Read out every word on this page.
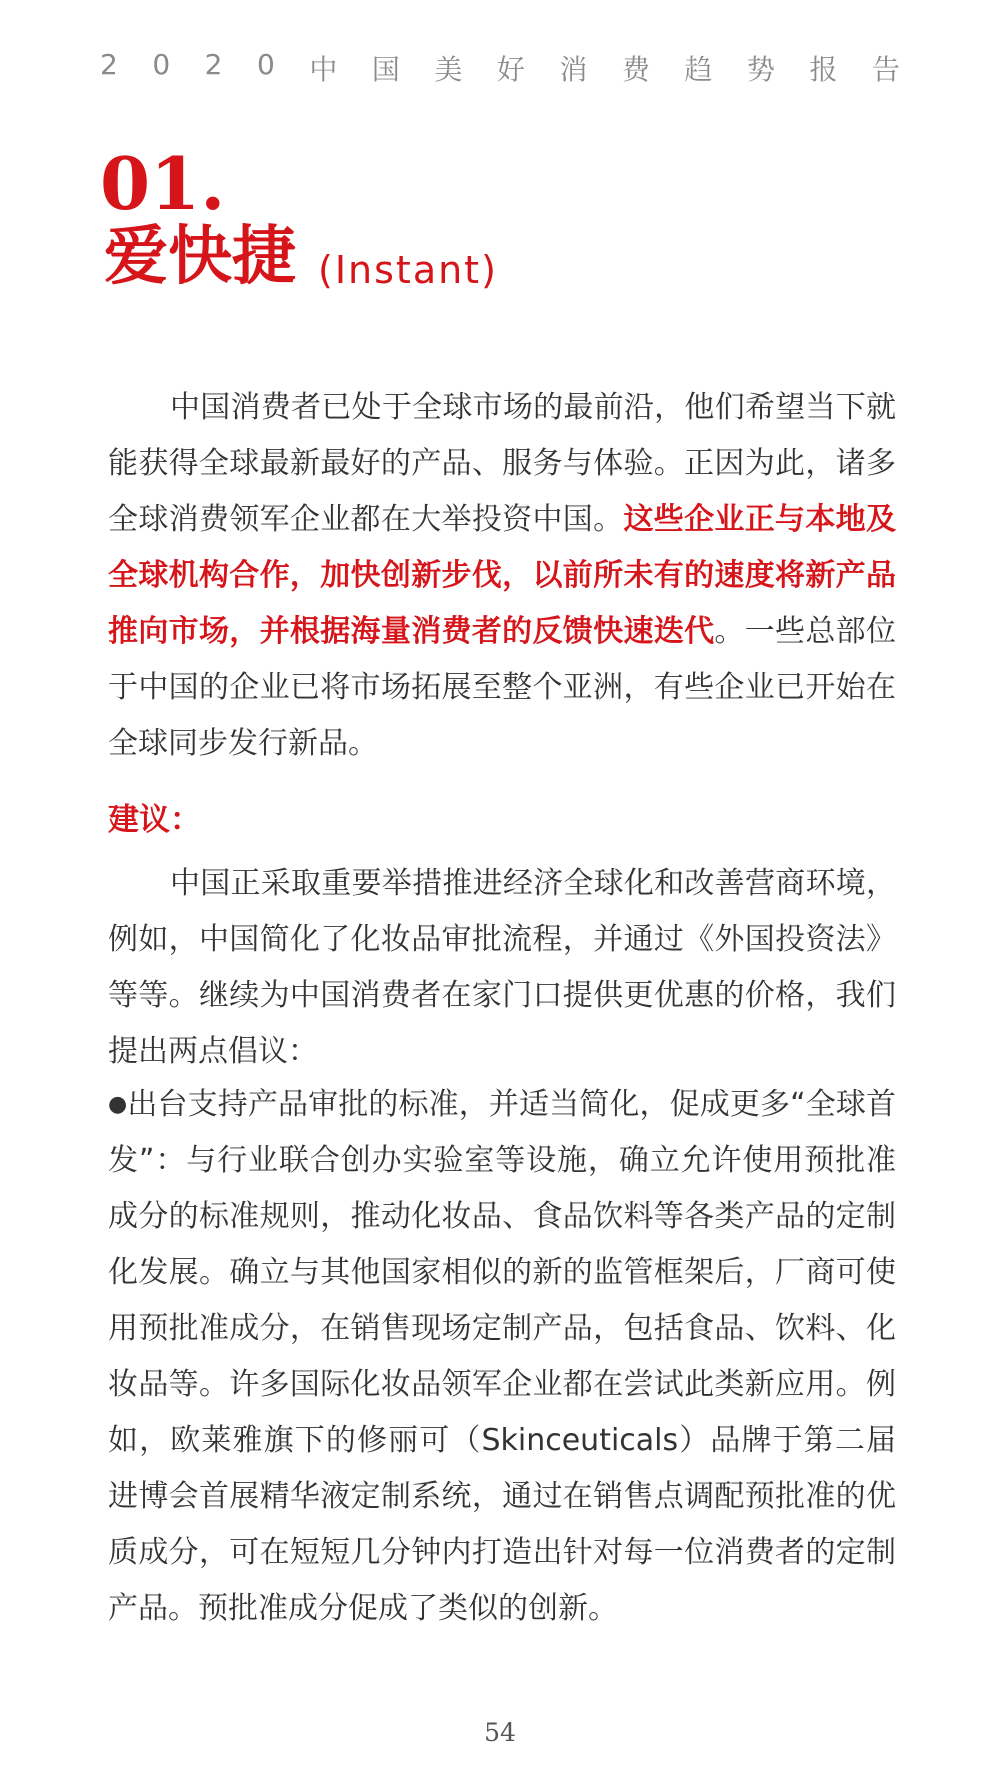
2 0 2 0 中 国 美 好 消 费 趋 势 报 告
01.
爱快捷 (Instant)

中国消费者已处于全球市场的最前沿，他们希望当下就能获得全球最新最好的产品、服务与体验。正因为此，诸多全球消费领军企业都在大举投资中国。这些企业正与本地及全球机构合作，加快创新步伐，以前所未有的速度将新产品推向市场，并根据海量消费者的反馈快速迭代。一些总部位于中国的企业已将市场拓展至整个亚洲，有些企业已开始在全球同步发行新品。

建议：

中国正采取重要举措推进经济全球化和改善营商环境，例如，中国简化了化妆品审批流程，并通过《外国投资法》等等。继续为中国消费者在家门口提供更优惠的价格，我们提出两点倡议：

●出台支持产品审批的标准，并适当简化，促成更多“全球首发”：与行业联合创办实验室等设施，确立允许使用预批准成分的标准规则，推动化妆品、食品饮料等各类产品的定制化发展。确立与其他国家相似的新的监管框架后，厂商可使用预批准成分，在销售现场定制产品，包括食品、饮料、化妆品等。许多国际化妆品领军企业都在尝试此类新应用。例如，欧莱雅旗下的修丽可（Skinceuticals）品牌于第二届进博会首展精华液定制系统，通过在销售点调配预批准的优质成分，可在短短几分钟内打造出针对每一位消费者的定制产品。预批准成分促成了类似的创新。

54
